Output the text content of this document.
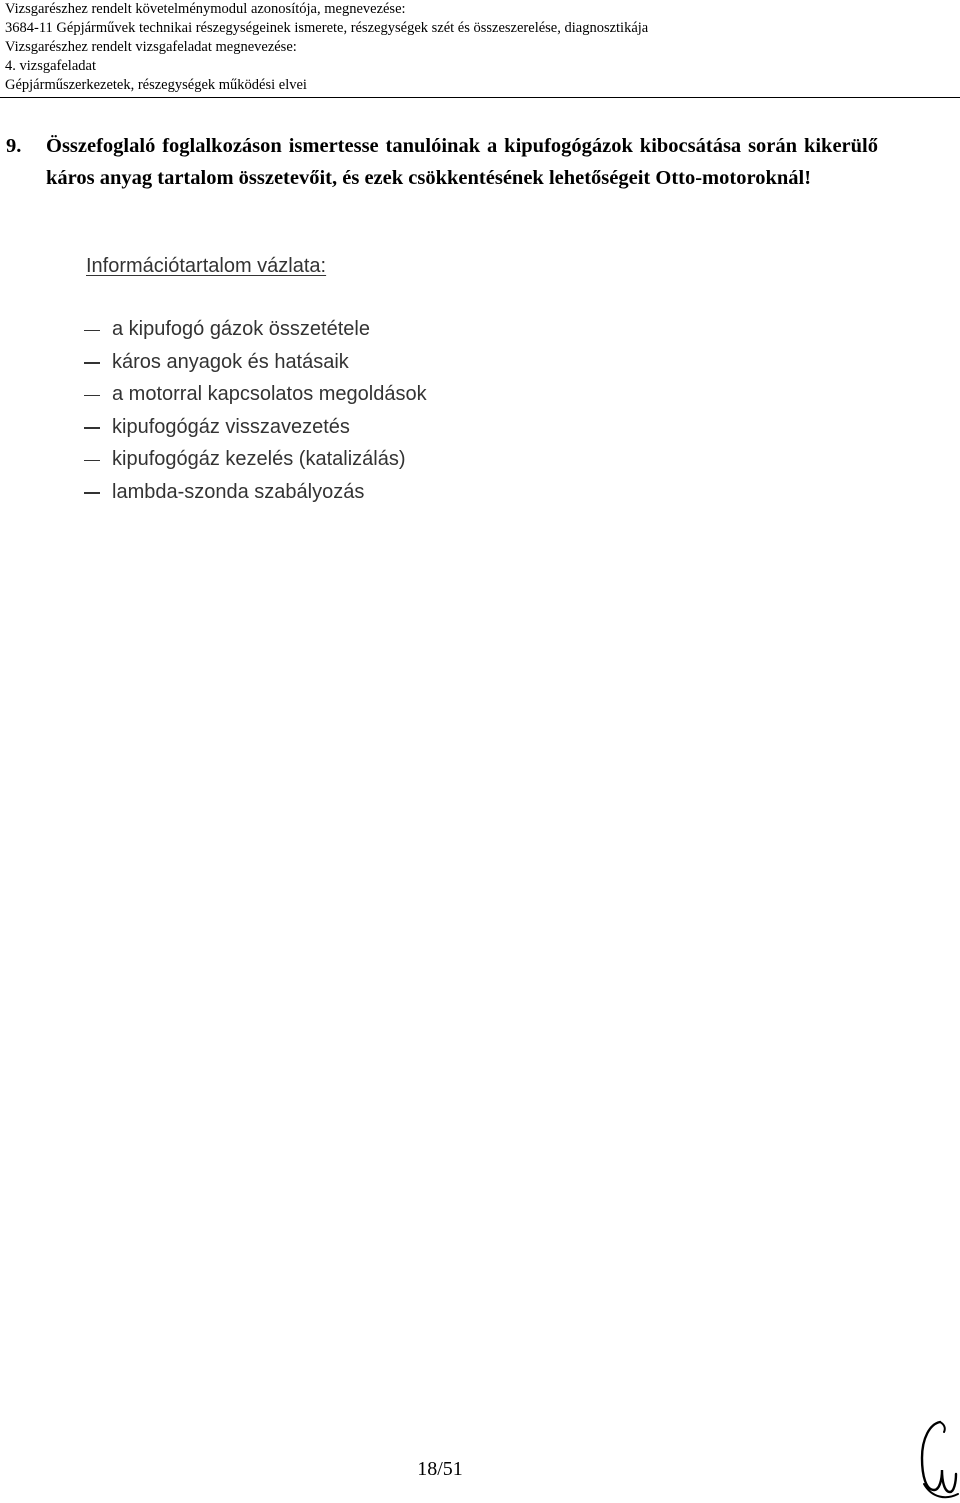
Vizsgarészhez rendelt követelménymodul azonosítója, megnevezése:
3684-11 Gépjárművek technikai részegységeinek ismerete, részegységek szét és összeszerelése, diagnosztikája
Vizsgarészhez rendelt vizsgafeladat megnevezése:
4. vizsgafeladat
Gépjárműszerkezetek, részegységek működési elvei
9. Összefoglaló foglalkozáson ismertesse tanulóinak a kipufogógázok kibocsátása során kikerülő káros anyag tartalom összetevőit, és ezek csökkentésének lehetőségeit Otto-motoroknál!
Információtartalom vázlata:
a kipufogó gázok összetétele
káros anyagok és hatásaik
a motorral kapcsolatos megoldások
kipufogógáz visszavezetés
kipufogógáz kezelés (katalizálás)
lambda-szonda szabályozás
18/51
